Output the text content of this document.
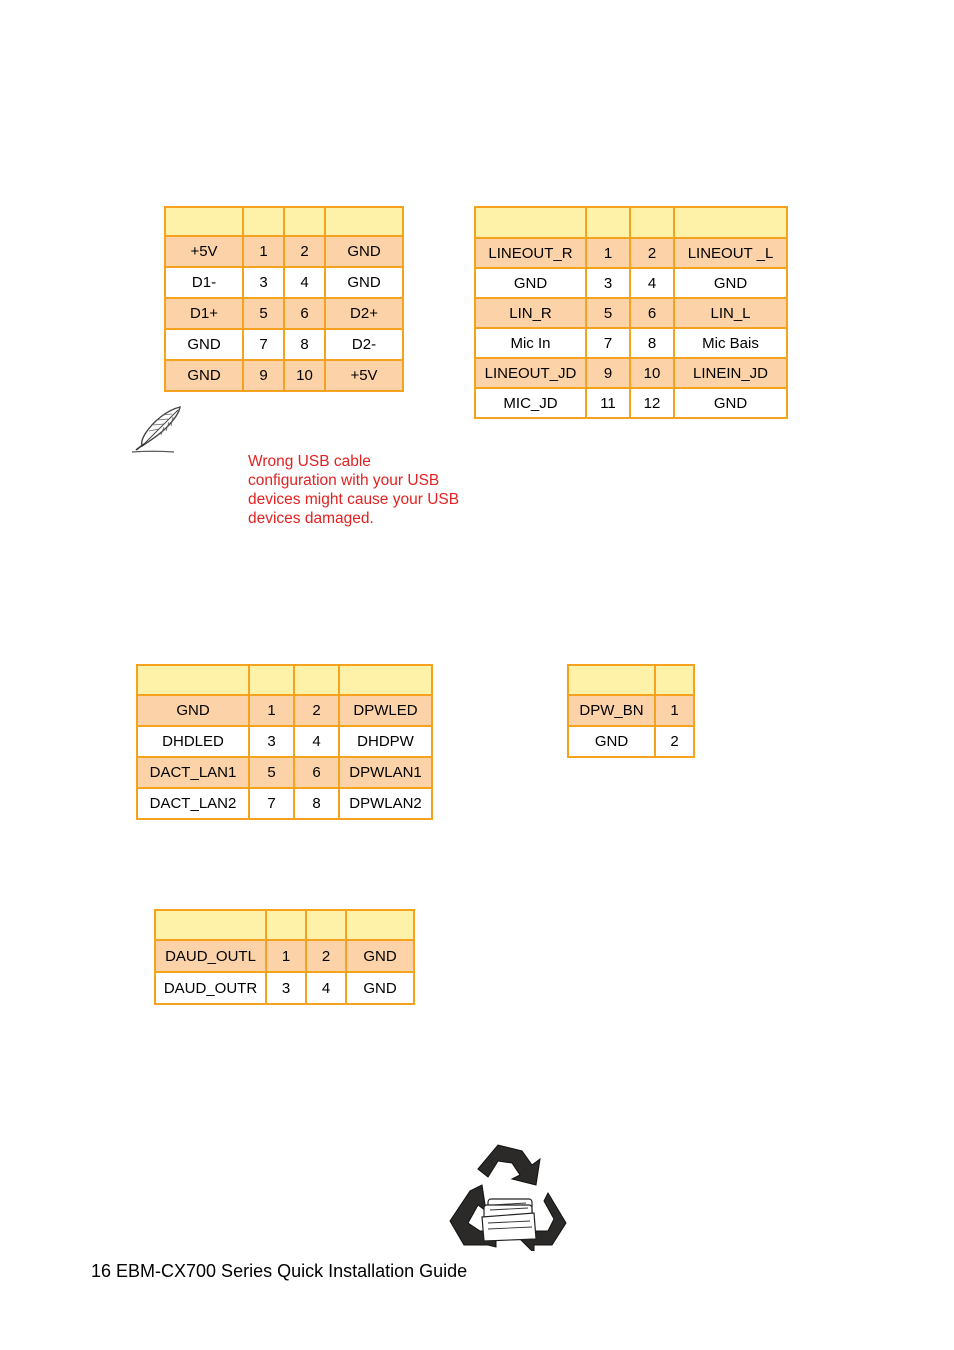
+5V	1	2	GND
D1-	3	4	GND
D1+	5	6	D2+
GND	7	8	D2-
GND	9	10	+5V

LINEOUT_R	1	2	LINEOUT _L
GND	3	4	GND
LIN_R	5	6	LIN_L
Mic In	7	8	Mic Bais
LINEOUT_JD	9	10	LINEIN_JD
MIC_JD	11	12	GND
Wrong USB cable configuration with your USB devices might cause your USB devices damaged.

GND	1	2	DPWLED
DHDLED	3	4	DHDPW
DACT_LAN1	5	6	DPWLAN1
DACT_LAN2	7	8	DPWLAN2

DPW_BN	1
GND	2

DAUD_OUTL	1	2	GND
DAUD_OUTR	3	4	GND
16 EBM-CX700 Series Quick Installation Guide
